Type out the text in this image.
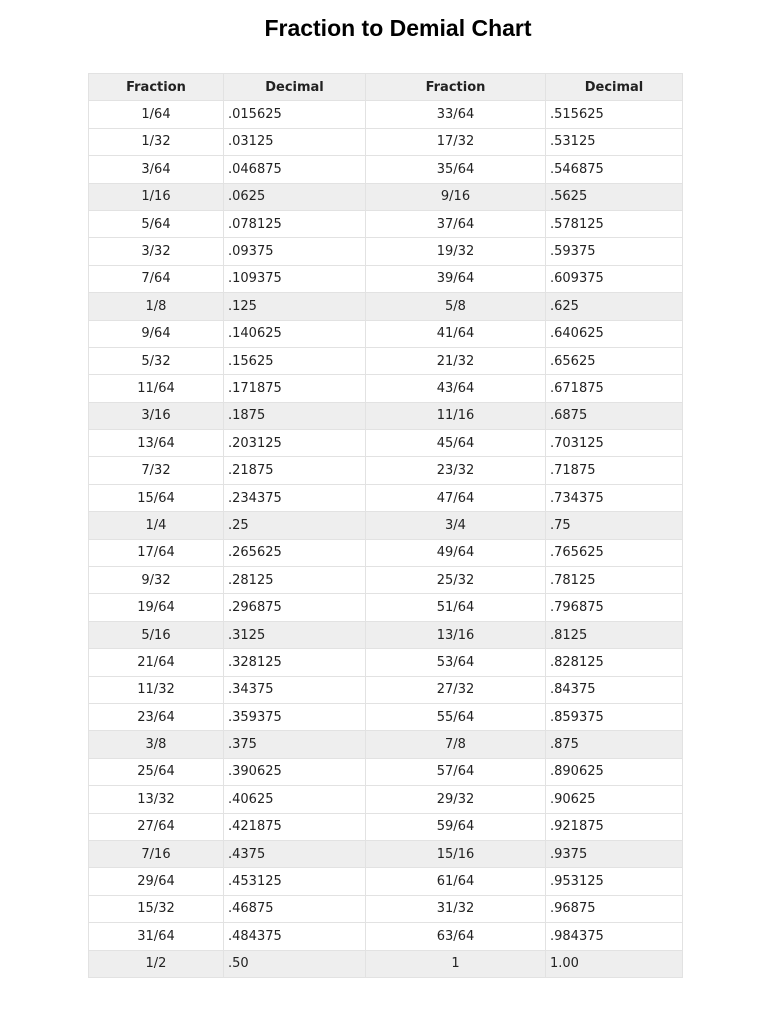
Fraction to Demial Chart
Fraction	Decimal	Fraction	Decimal
1/64	.015625	33/64	.515625
1/32	.03125	17/32	.53125
3/64	.046875	35/64	.546875
1/16	.0625	9/16	.5625
5/64	.078125	37/64	.578125
3/32	.09375	19/32	.59375
7/64	.109375	39/64	.609375
1/8	.125	5/8	.625
9/64	.140625	41/64	.640625
5/32	.15625	21/32	.65625
11/64	.171875	43/64	.671875
3/16	.1875	11/16	.6875
13/64	.203125	45/64	.703125
7/32	.21875	23/32	.71875
15/64	.234375	47/64	.734375
1/4	.25	3/4	.75
17/64	.265625	49/64	.765625
9/32	.28125	25/32	.78125
19/64	.296875	51/64	.796875
5/16	.3125	13/16	.8125
21/64	.328125	53/64	.828125
11/32	.34375	27/32	.84375
23/64	.359375	55/64	.859375
3/8	.375	7/8	.875
25/64	.390625	57/64	.890625
13/32	.40625	29/32	.90625
27/64	.421875	59/64	.921875
7/16	.4375	15/16	.9375
29/64	.453125	61/64	.953125
15/32	.46875	31/32	.96875
31/64	.484375	63/64	.984375
1/2	.50	1	1.00
